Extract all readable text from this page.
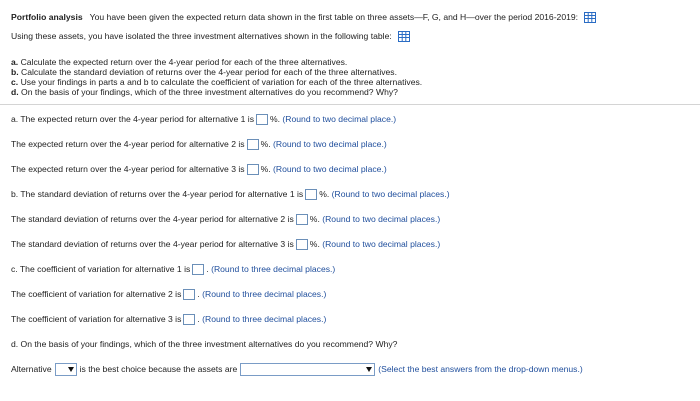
Portfolio analysis You have been given the expected return data shown in the first table on three assets—F, G, and H—over the period 2016-2019:
Using these assets, you have isolated the three investment alternatives shown in the following table:
a. Calculate the expected return over the 4-year period for each of the three alternatives.
b. Calculate the standard deviation of returns over the 4-year period for each of the three alternatives.
c. Use your findings in parts a and b to calculate the coefficient of variation for each of the three alternatives.
d. On the basis of your findings, which of the three investment alternatives do you recommend? Why?
a. The expected return over the 4-year period for alternative 1 is %. (Round to two decimal place.)
The expected return over the 4-year period for alternative 2 is %. (Round to two decimal place.)
The expected return over the 4-year period for alternative 3 is %. (Round to two decimal place.)
b. The standard deviation of returns over the 4-year period for alternative 1 is %. (Round to two decimal places.)
The standard deviation of returns over the 4-year period for alternative 2 is %. (Round to two decimal places.)
The standard deviation of returns over the 4-year period for alternative 3 is %. (Round to two decimal places.)
c. The coefficient of variation for alternative 1 is . (Round to three decimal places.)
The coefficient of variation for alternative 2 is . (Round to three decimal places.)
The coefficient of variation for alternative 3 is . (Round to three decimal places.)
d. On the basis of your findings, which of the three investment alternatives do you recommend? Why?
Alternative	is the best choice because the assets are	(Select the best answers from the drop-down menus.)
